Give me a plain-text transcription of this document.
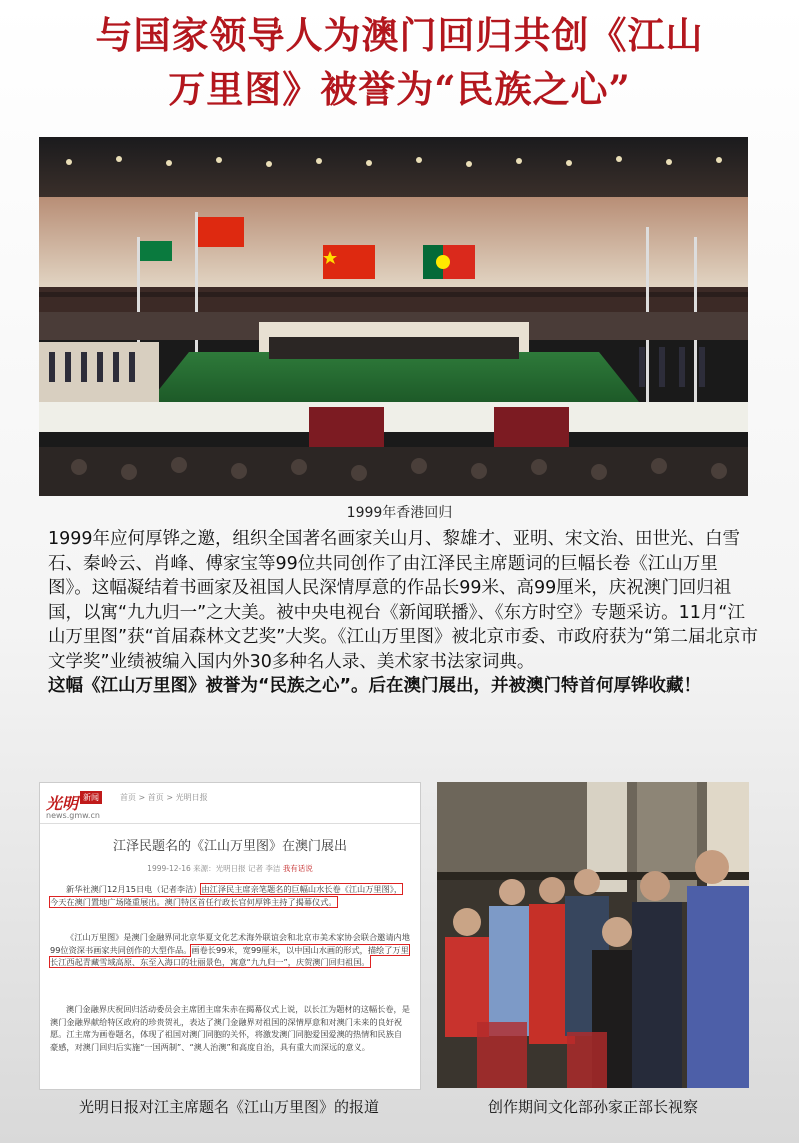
与国家领导人为澳门回归共创《江山
万里图》被誉为“民族之心”
1999年香港回归
1999年应何厚铧之邀，组织全国著名画家关山月、黎雄才、亚明、宋文治、田世光、白雪石、秦岭云、肖峰、傅家宝等99位共同创作了由江泽民主席题词的巨幅长卷《江山万里图》。这幅凝结着书画家及祖国人民深情厚意的作品长99米、高99厘米，庆祝澳门回归祖国，以寓“九九归一”之大美。被中央电视台《新闻联播》、《东方时空》专题采访。11月“江山万里图”获“首届森林文艺奖”大奖。《江山万里图》被北京市委、市政府获为“第二届北京市文学奖”业绩被编入国内外30多种名人录、美术家书法家词典。
这幅《江山万里图》被誉为“民族之心”。后在澳门展出，并被澳门特首何厚铧收藏！
光明 新闻
news.gmw.cn
首页 > 首页 > 光明日报
江泽民题名的《江山万里图》在澳门展出
1999-12-16 来源：光明日报 记者 李洁 我有话说
新华社澳门12月15日电（记者李洁）由江泽民主席亲笔题名的巨幅山水长卷《江山万里图》，今天在澳门置地广场隆重展出。澳门特区首任行政长官何厚铧主持了揭幕仪式。
《江山万里图》是澳门金融界同北京华夏文化艺术海外联谊会和北京市美术家协会联合邀请内地99位资深书画家共同创作的大型作品。画卷长99米，宽99厘米，以中国山水画的形式，描绘了万里长江西起青藏雪域高原、东至入海口的壮丽景色，寓意“九九归一”，庆贺澳门回归祖国。
澳门金融界庆祝回归活动委员会主席团主席朱赤在揭幕仪式上说，以长江为题材的这幅长卷，是澳门金融界献给特区政府的珍贵贺礼，表达了澳门金融界对祖国的深情厚意和对澳门未来的良好祝愿。江主席为画卷题名，体现了祖国对澳门同胞的关怀，将激发澳门同胞爱国爱澳的热情和民族自豪感，对澳门回归后实施“一国两制”、“澳人治澳”和高度自治，具有重大而深远的意义。
光明日报对江主席题名《江山万里图》的报道	创作期间文化部孙家正部长视察
